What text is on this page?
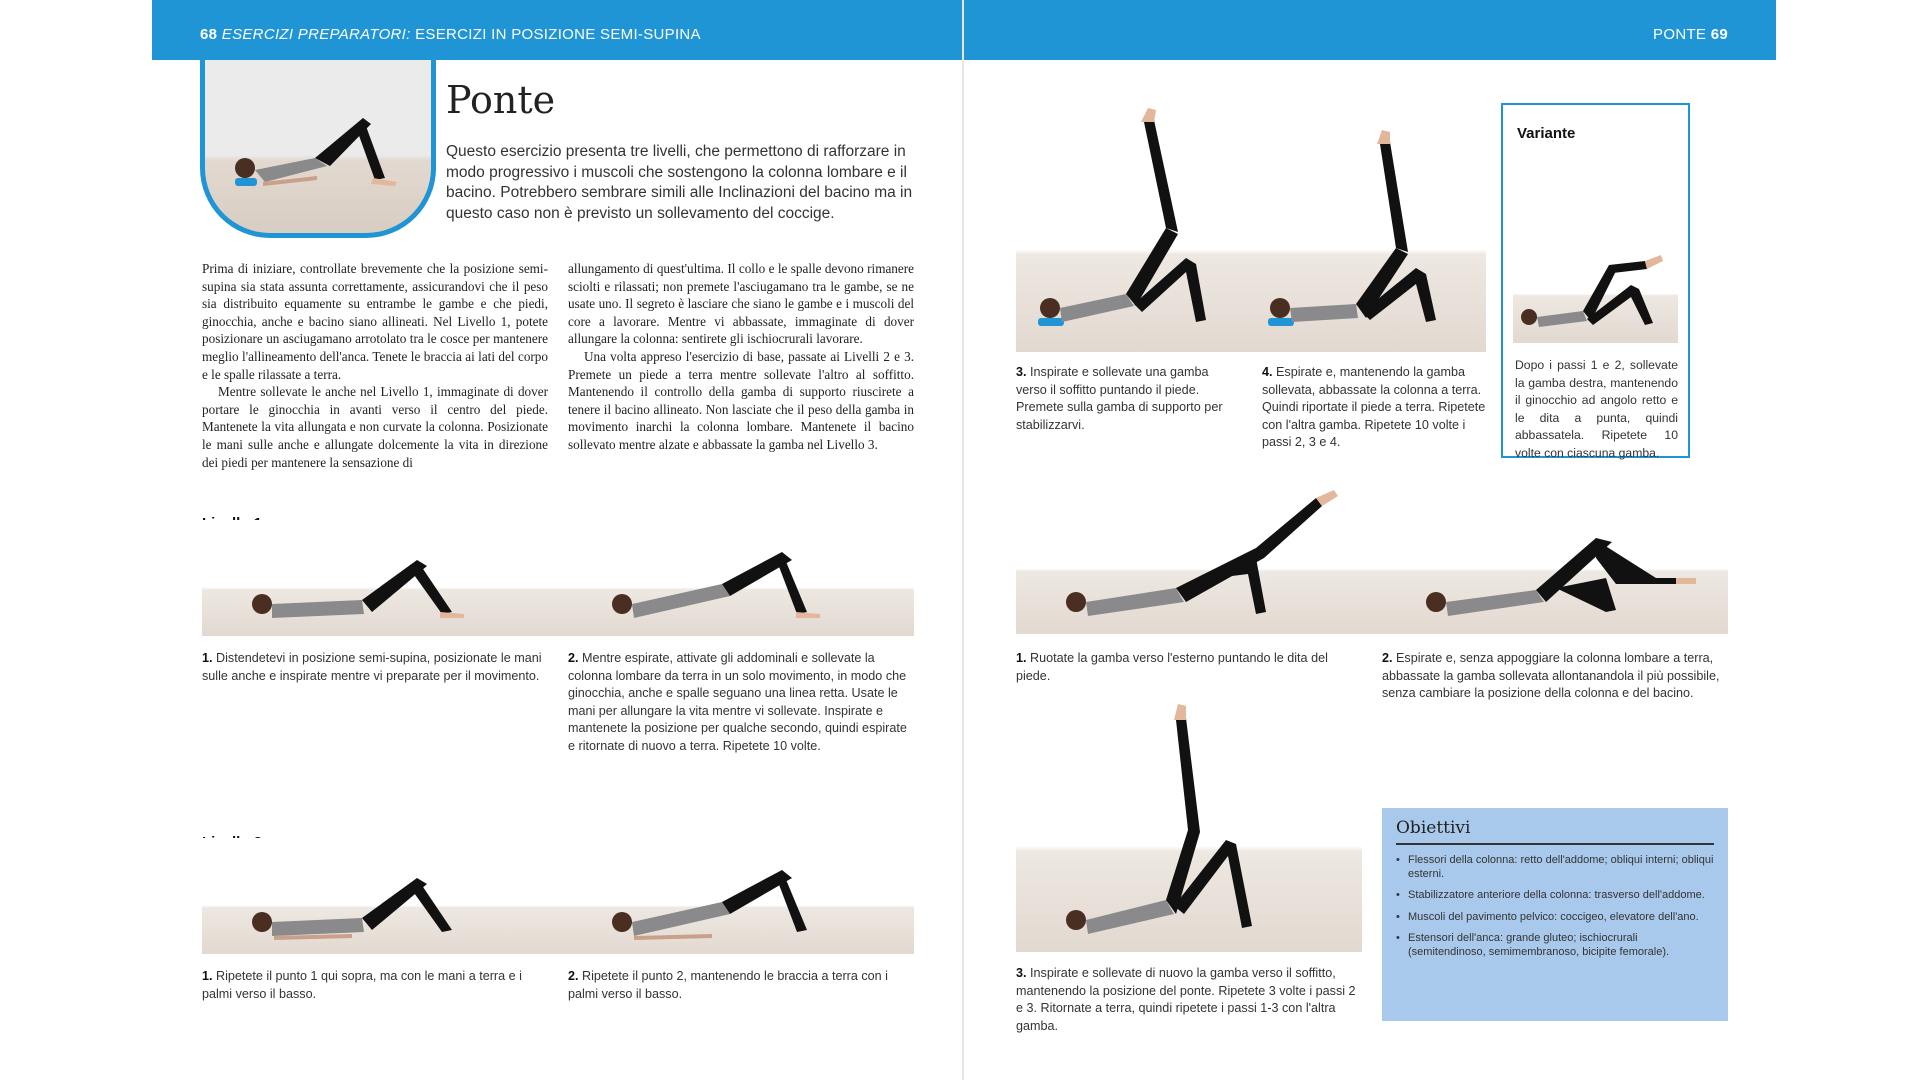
68 ESERCIZI PREPARATORI: ESERCIZI IN POSIZIONE SEMI-SUPINA	PONTE 69
Ponte
Questo esercizio presenta tre livelli, che permettono di rafforzare in modo progressivo i muscoli che sostengono la colonna lombare e il bacino. Potrebbero sembrare simili alle Inclinazioni del bacino ma in questo caso non è previsto un sollevamento del coccige.

Prima di iniziare, controllate brevemente che la posizione semi-supina sia stata assunta correttamente, assicurandovi che il peso sia distribuito equamente su entrambe le gambe e che piedi, ginocchia, anche e bacino siano allineati. Nel Livello 1, potete posizionare un asciugamano arrotolato tra le cosce per mantenere meglio l'allineamento dell'anca. Tenete le braccia ai lati del corpo e le spalle rilassate a terra.

Mentre sollevate le anche nel Livello 1, immaginate di dover portare le ginocchia in avanti verso il centro del piede. Mantenete la vita allungata e non curvate la colonna. Posizionate le mani sulle anche e allungate dolcemente la vita in direzione dei piedi per mantenere la sensazione di

allungamento di quest'ultima. Il collo e le spalle devono rimanere sciolti e rilassati; non premete l'asciugamano tra le gambe, se ne usate uno. Il segreto è lasciare che siano le gambe e i muscoli del core a lavorare. Mentre vi abbassate, immaginate di dover allungare la colonna: sentirete gli ischiocrurali lavorare.

Una volta appreso l'esercizio di base, passate ai Livelli 2 e 3. Premete un piede a terra mentre sollevate l'altro al soffitto. Mantenendo il controllo della gamba di supporto riuscirete a tenere il bacino allineato. Non lasciate che il peso della gamba in movimento inarchi la colonna lombare. Mantenete il bacino sollevato mentre alzate e abbassate la gamba nel Livello 3.

1. Distendetevi in posizione semi-supina, posizionate le mani sulle anche e inspirate mentre vi preparate per il movimento.
2. Mentre espirate, attivate gli addominali e sollevate la colonna lombare da terra in un solo movimento, in modo che ginocchia, anche e spalle seguano una linea retta. Usate le mani per allungare la vita mentre vi sollevate. Inspirate e mantenete la posizione per qualche secondo, quindi espirate e ritornate di nuovo a terra. Ripetete 10 volte.
1. Ripetete il punto 1 qui sopra, ma con le mani a terra e i palmi verso il basso.
2. Ripetete il punto 2, mantenendo le braccia a terra con i palmi verso il basso.
3. Inspirate e sollevate una gamba verso il soffitto puntando il piede. Premete sulla gamba di supporto per stabilizzarvi.
4. Espirate e, mantenendo la gamba sollevata, abbassate la colonna a terra. Quindi riportate il piede a terra. Ripetete con l'altra gamba. Ripetete 10 volte i passi 2, 3 e 4.
Variante
Dopo i passi 1 e 2, sollevate la gamba destra, mantenendo il ginocchio ad angolo retto e le dita a punta, quindi abbassatela. Ripetete 10 volte con ciascuna gamba.
1. Ruotate la gamba verso l'esterno puntando le dita del piede.
2. Espirate e, senza appoggiare la colonna lombare a terra, abbassate la gamba sollevata allontanandola il più possibile, senza cambiare la posizione della colonna e del bacino.
3. Inspirate e sollevate di nuovo la gamba verso il soffitto, mantenendo la posizione del ponte. Ripetete 3 volte i passi 2 e 3. Ritornate a terra, quindi ripetete i passi 1-3 con l'altra gamba.
Obiettivi
• Flessori della colonna: retto dell'addome; obliqui interni; obliqui esterni.
• Stabilizzatore anteriore della colonna: trasverso dell'addome.
• Muscoli del pavimento pelvico: coccigeo, elevatore dell'ano.
• Estensori dell'anca: grande gluteo; ischiocrurali (semitendinoso, semimembranoso, bicipite femorale).
